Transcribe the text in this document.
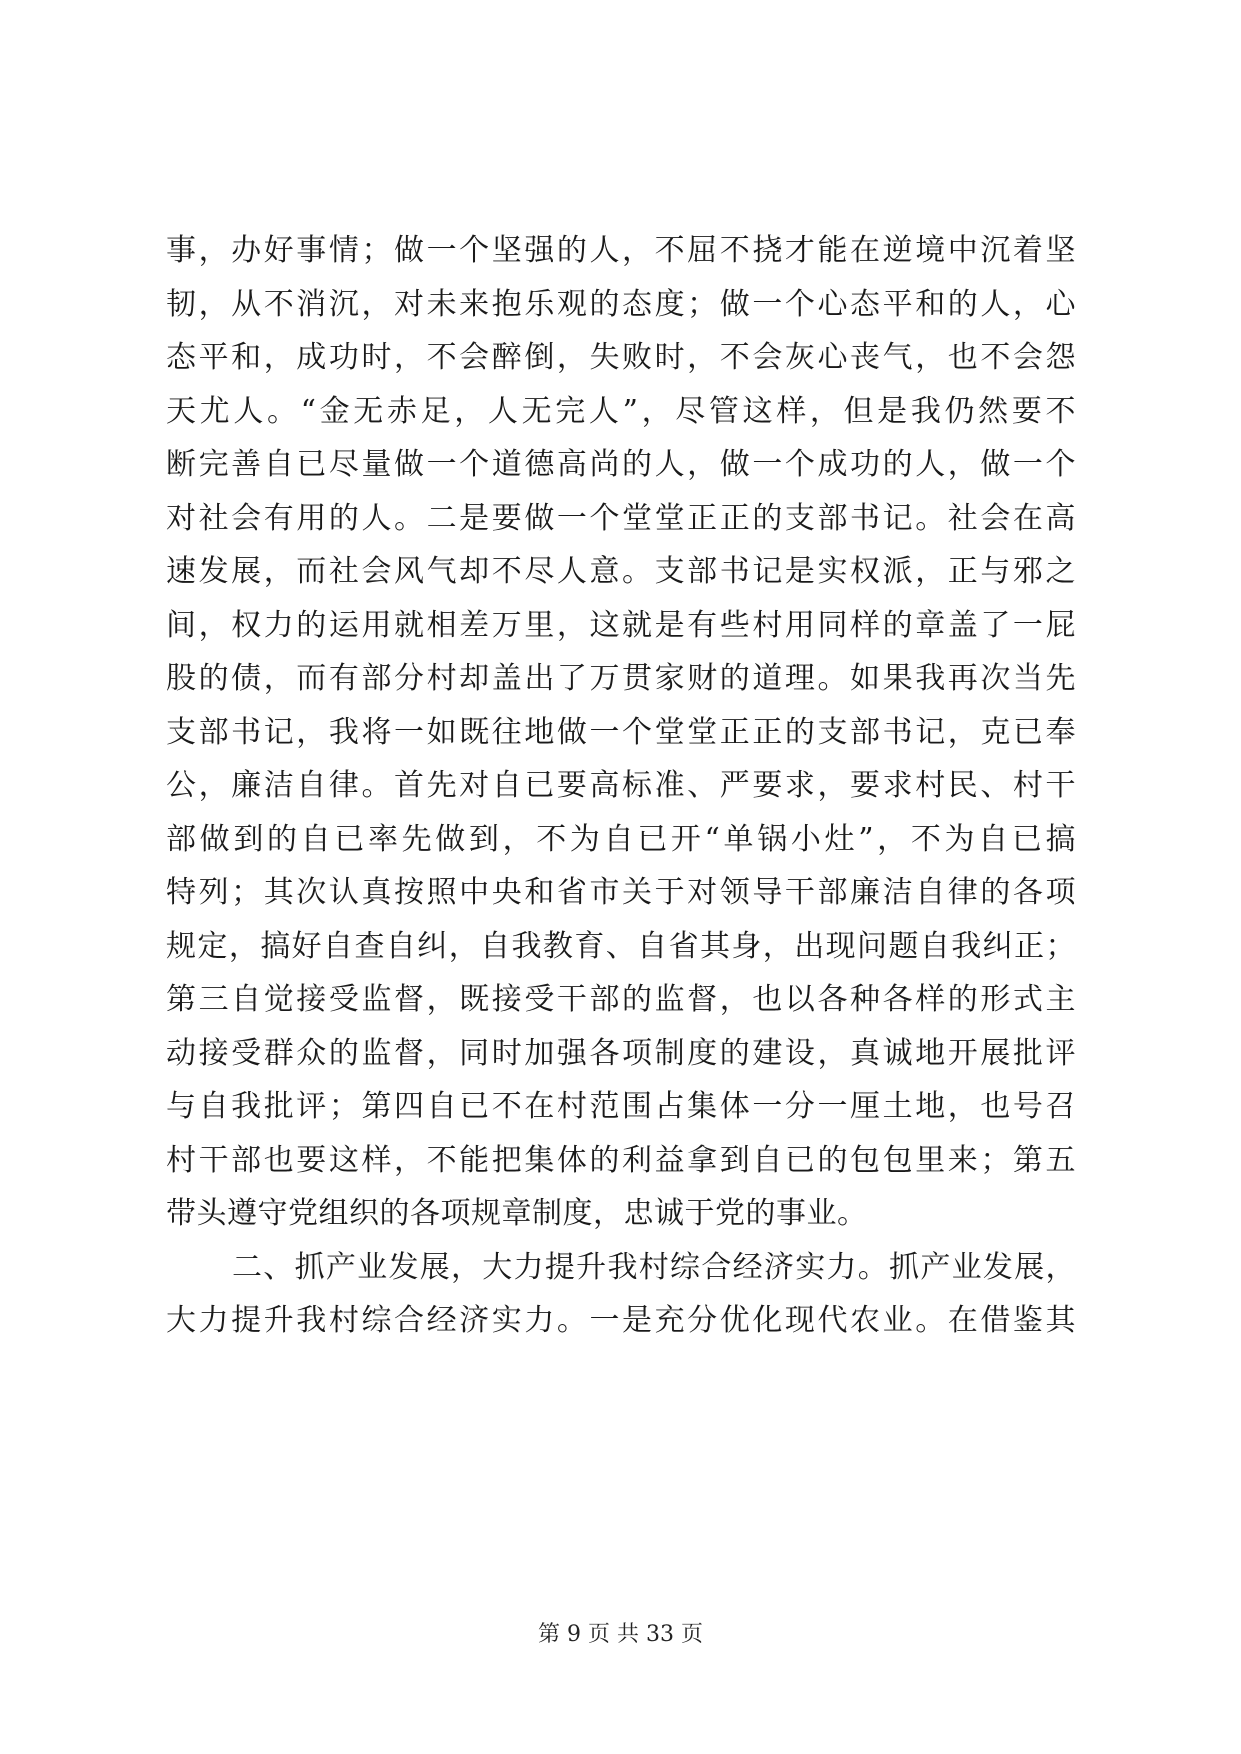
事，办好事情；做一个坚强的人，不屈不挠才能在逆境中沉着坚
韧，从不消沉，对未来抱乐观的态度；做一个心态平和的人，心
态平和，成功时，不会醉倒，失败时，不会灰心丧气，也不会怨
天尤人。“金无赤足，人无完人”，尽管这样，但是我仍然要不
断完善自已尽量做一个道德高尚的人，做一个成功的人，做一个
对社会有用的人。二是要做一个堂堂正正的支部书记。社会在高
速发展，而社会风气却不尽人意。支部书记是实权派，正与邪之
间，权力的运用就相差万里，这就是有些村用同样的章盖了一屁
股的债，而有部分村却盖出了万贯家财的道理。如果我再次当先
支部书记，我将一如既往地做一个堂堂正正的支部书记，克已奉
公，廉洁自律。首先对自已要高标准、严要求，要求村民、村干
部做到的自已率先做到，不为自已开“单锅小灶”，不为自已搞
特列；其次认真按照中央和省市关于对领导干部廉洁自律的各项
规定，搞好自查自纠，自我教育、自省其身，出现问题自我纠正；
第三自觉接受监督，既接受干部的监督，也以各种各样的形式主
动接受群众的监督，同时加强各项制度的建设，真诚地开展批评
与自我批评；第四自已不在村范围占集体一分一厘土地，也号召
村干部也要这样，不能把集体的利益拿到自已的包包里来；第五
带头遵守党组织的各项规章制度，忠诚于党的事业。
二、抓产业发展，大力提升我村综合经济实力。抓产业发展，
大力提升我村综合经济实力。一是充分优化现代农业。在借鉴其
第 9 页 共 33 页
